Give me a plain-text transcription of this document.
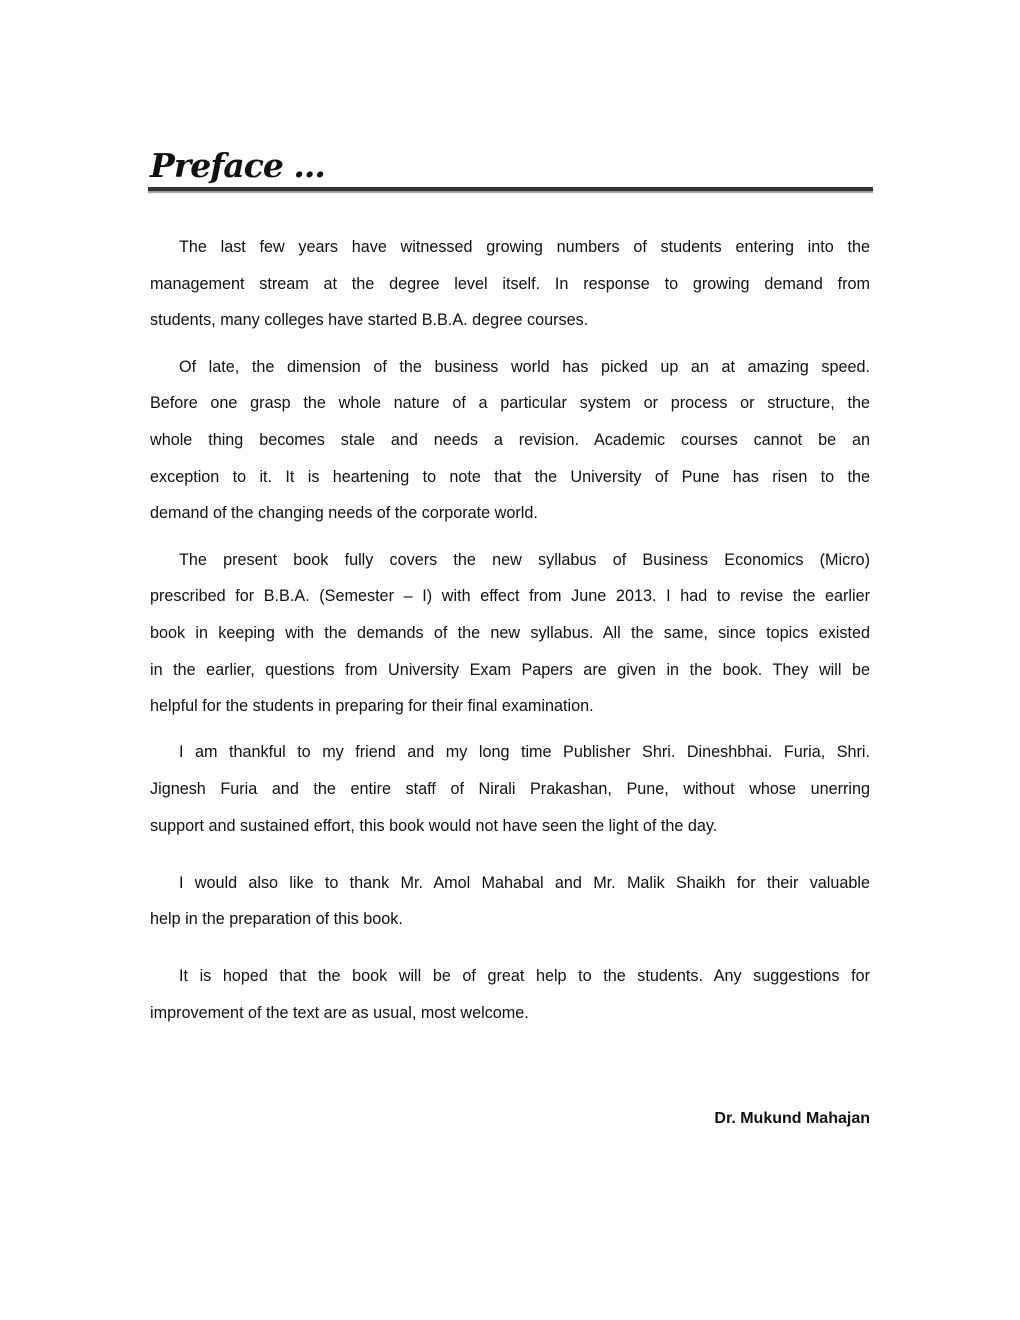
Preface ...
The last few years have witnessed growing numbers of students entering into the
management stream at the degree level itself. In response to growing demand from
students, many colleges have started B.B.A. degree courses.
Of late, the dimension of the business world has picked up an at amazing speed.
Before one grasp the whole nature of a particular system or process or structure, the
whole thing becomes stale and needs a revision. Academic courses cannot be an
exception to it. It is heartening to note that the University of Pune has risen to the
demand of the changing needs of the corporate world.
The present book fully covers the new syllabus of Business Economics (Micro)
prescribed for B.B.A. (Semester – I) with effect from June 2013. I had to revise the earlier
book in keeping with the demands of the new syllabus. All the same, since topics existed
in the earlier, questions from University Exam Papers are given in the book. They will be
helpful for the students in preparing for their final examination.
I am thankful to my friend and my long time Publisher Shri. Dineshbhai. Furia, Shri.
Jignesh Furia and the entire staff of Nirali Prakashan, Pune, without whose unerring
support and sustained effort, this book would not have seen the light of the day.
I would also like to thank Mr. Amol Mahabal and Mr. Malik Shaikh for their valuable
help in the preparation of this book.
It is hoped that the book will be of great help to the students. Any suggestions for
improvement of the text are as usual, most welcome.
Dr. Mukund Mahajan
